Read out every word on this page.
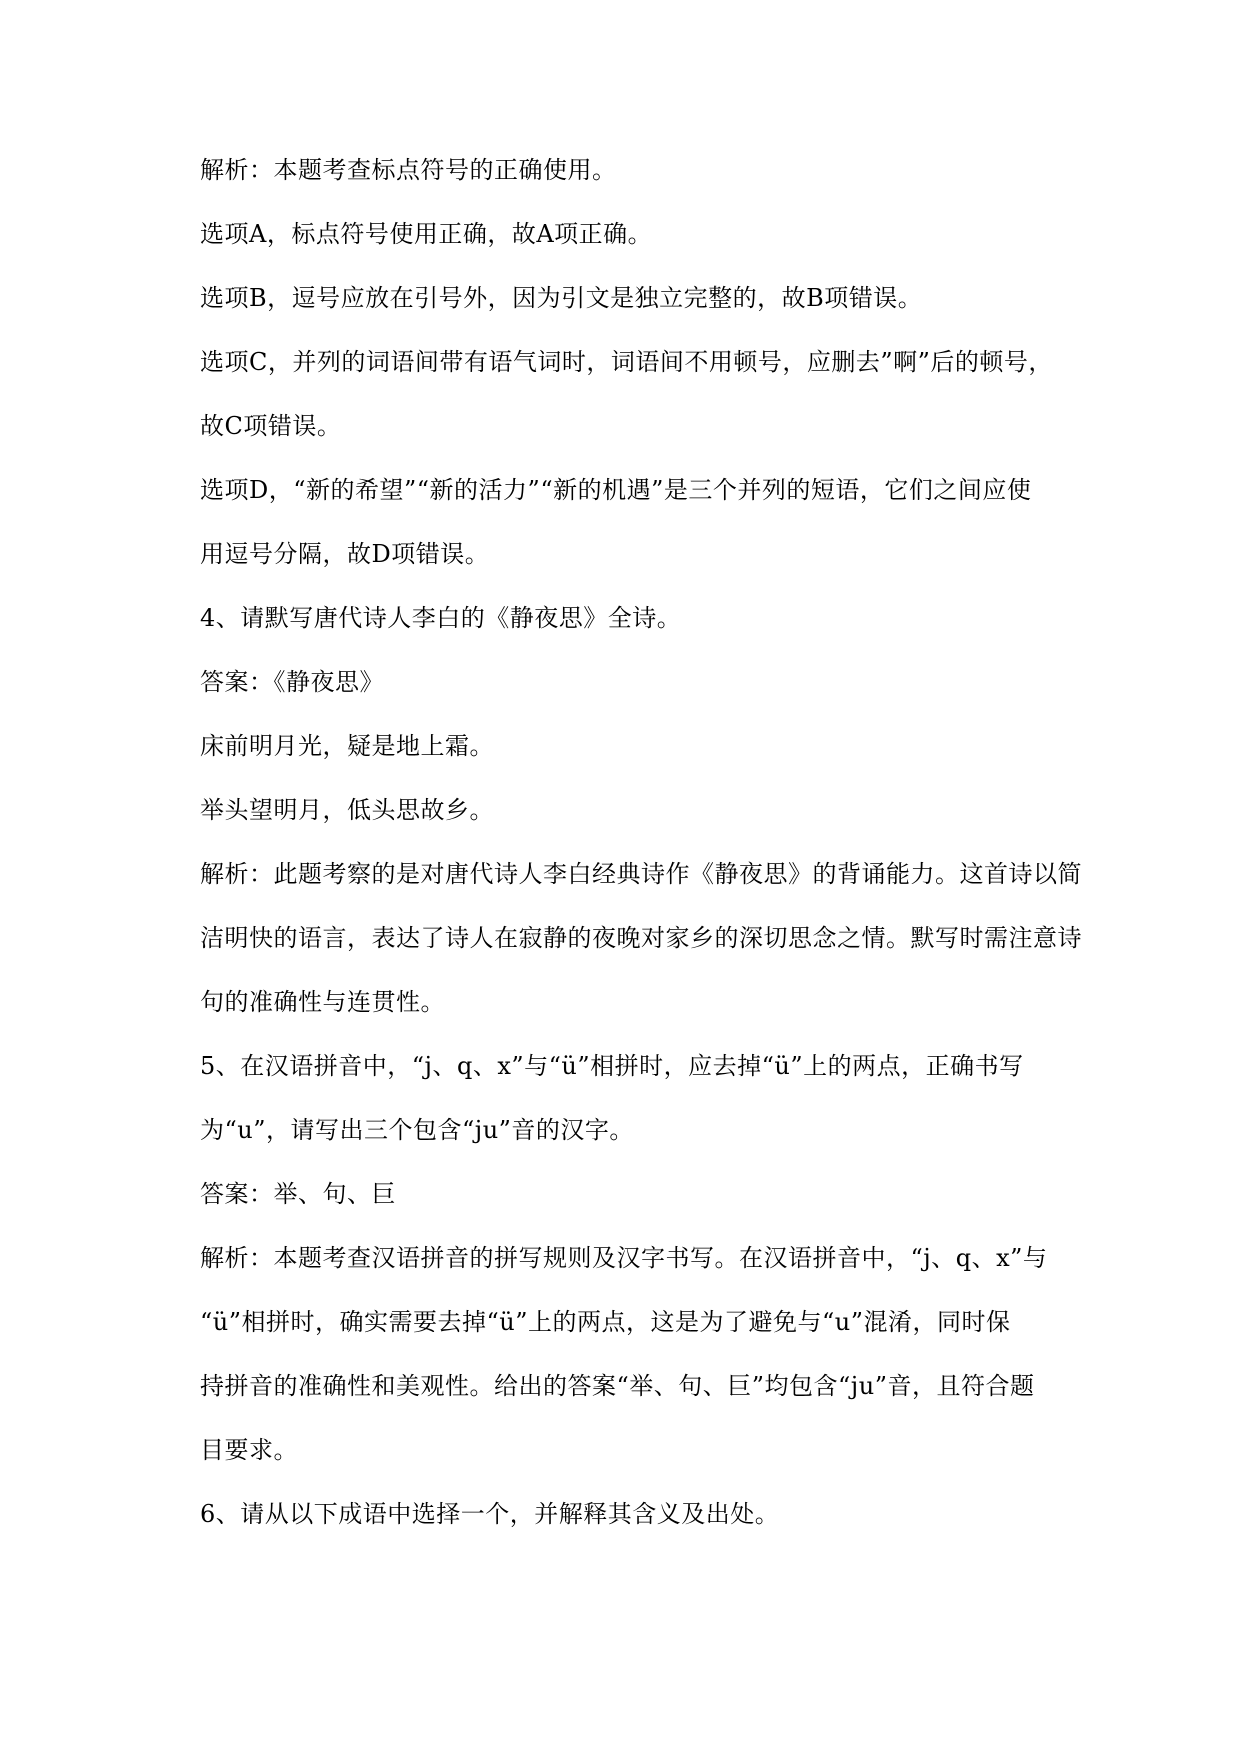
解析：本题考查标点符号的正确使用。
选项A，标点符号使用正确，故A项正确。
选项B，逗号应放在引号外，因为引文是独立完整的，故B项错误。
选项C，并列的词语间带有语气词时，词语间不用顿号，应删去”啊”后的顿号，
故C项错误。
选项D，“新的希望”“新的活力”“新的机遇”是三个并列的短语，它们之间应使
用逗号分隔，故D项错误。
4、请默写唐代诗人李白的《静夜思》全诗。
答案：《静夜思》
床前明月光，疑是地上霜。
举头望明月，低头思故乡。
解析：此题考察的是对唐代诗人李白经典诗作《静夜思》的背诵能力。这首诗以简
洁明快的语言，表达了诗人在寂静的夜晚对家乡的深切思念之情。默写时需注意诗
句的准确性与连贯性。
5、在汉语拼音中，“j、q、x”与“ü”相拼时，应去掉“ü”上的两点，正确书写
为“u”，请写出三个包含“ju”音的汉字。
答案：举、句、巨
解析：本题考查汉语拼音的拼写规则及汉字书写。在汉语拼音中，“j、q、x”与
“ü”相拼时，确实需要去掉“ü”上的两点，这是为了避免与“u”混淆，同时保
持拼音的准确性和美观性。给出的答案“举、句、巨”均包含“ju”音，且符合题
目要求。
6、请从以下成语中选择一个，并解释其含义及出处。
